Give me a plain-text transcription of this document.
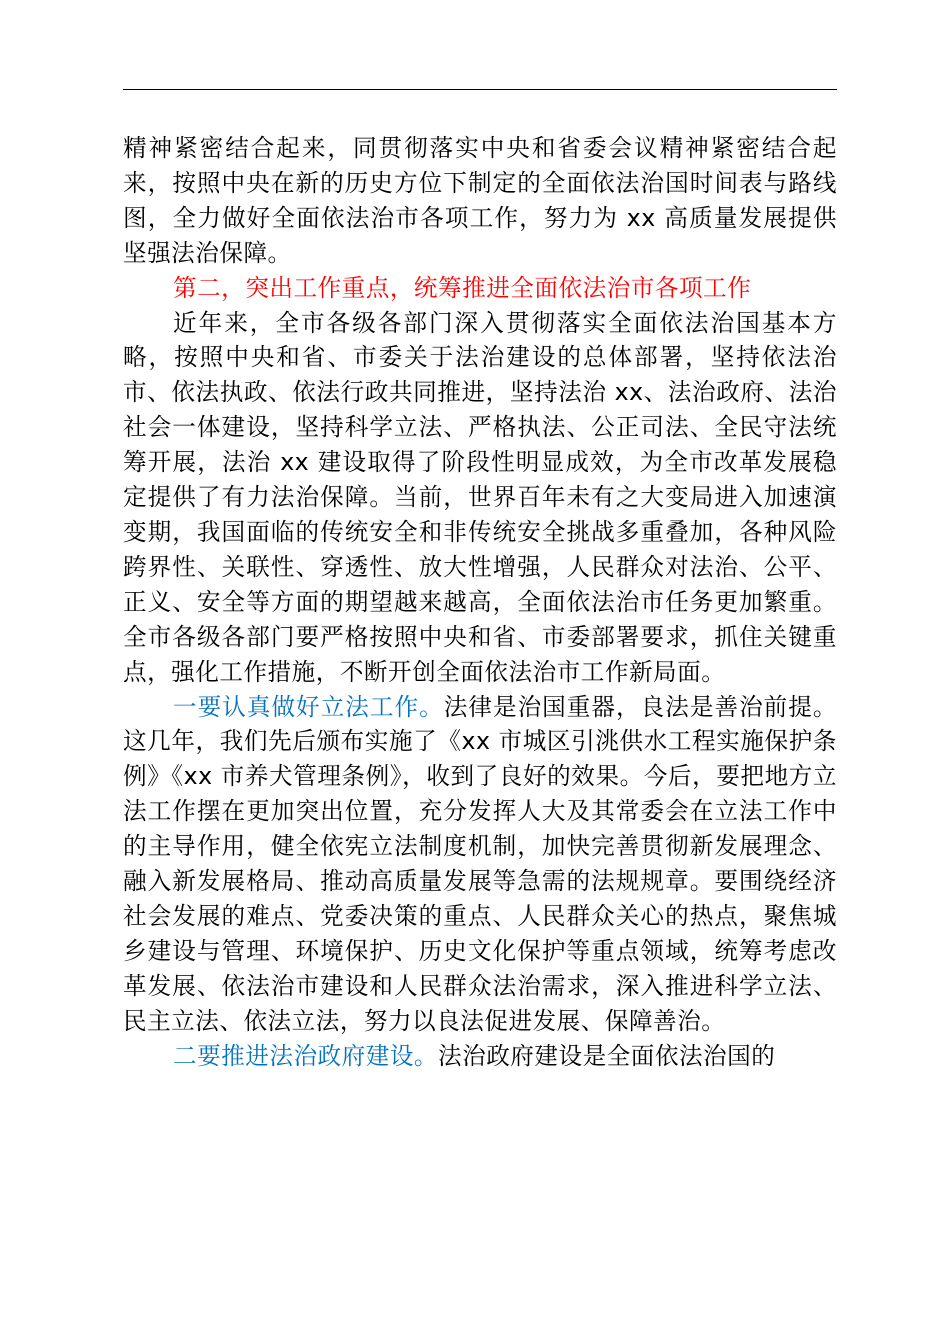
精神紧密结合起来，同贯彻落实中央和省委会议精神紧密结合起来，按照中央在新的历史方位下制定的全面依法治国时间表与路线图，全力做好全面依法治市各项工作，努力为 xx 高质量发展提供坚强法治保障。

第二，突出工作重点，统筹推进全面依法治市各项工作

近年来，全市各级各部门深入贯彻落实全面依法治国基本方略，按照中央和省、市委关于法治建设的总体部署，坚持依法治市、依法执政、依法行政共同推进，坚持法治 xx、法治政府、法治社会一体建设，坚持科学立法、严格执法、公正司法、全民守法统筹开展，法治 xx 建设取得了阶段性明显成效，为全市改革发展稳定提供了有力法治保障。当前，世界百年未有之大变局进入加速演变期，我国面临的传统安全和非传统安全挑战多重叠加，各种风险跨界性、关联性、穿透性、放大性增强，人民群众对法治、公平、正义、安全等方面的期望越来越高，全面依法治市任务更加繁重。全市各级各部门要严格按照中央和省、市委部署要求，抓住关键重点，强化工作措施，不断开创全面依法治市工作新局面。

一要认真做好立法工作。法律是治国重器，良法是善治前提。这几年，我们先后颁布实施了《xx 市城区引洮供水工程实施保护条例》《xx 市养犬管理条例》，收到了良好的效果。今后，要把地方立法工作摆在更加突出位置，充分发挥人大及其常委会在立法工作中的主导作用，健全依宪立法制度机制，加快完善贯彻新发展理念、融入新发展格局、推动高质量发展等急需的法规规章。要围绕经济社会发展的难点、党委决策的重点、人民群众关心的热点，聚焦城乡建设与管理、环境保护、历史文化保护等重点领域，统筹考虑改革发展、依法治市建设和人民群众法治需求，深入推进科学立法、民主立法、依法立法，努力以良法促进发展、保障善治。

二要推进法治政府建设。法治政府建设是全面依法治国的
